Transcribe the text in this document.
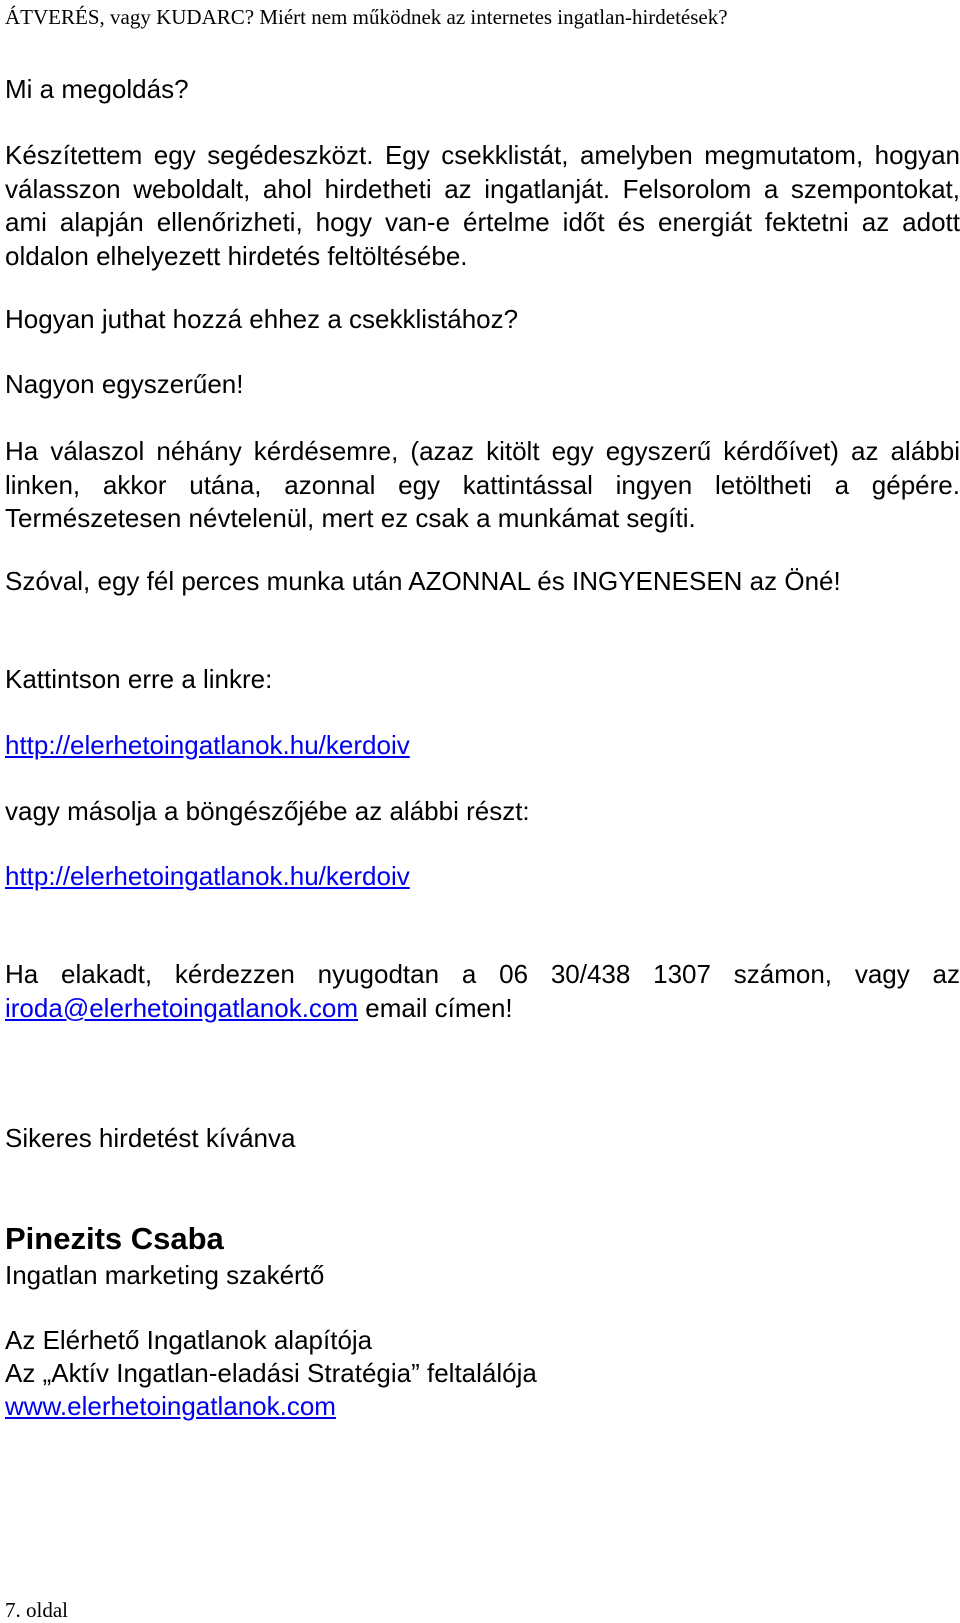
ÁTVERÉS, vagy KUDARC? Miért nem működnek az internetes ingatlan-hirdetések?
Mi a megoldás?
Készítettem egy segédeszközt. Egy csekklistát, amelyben megmutatom, hogyan válasszon weboldalt, ahol hirdetheti az ingatlanját. Felsorolom a szempontokat, ami alapján ellenőrizheti, hogy van-e értelme időt és energiát fektetni az adott oldalon elhelyezett hirdetés feltöltésébe.
Hogyan juthat hozzá ehhez a csekklistához?
Nagyon egyszerűen!
Ha válaszol néhány kérdésemre, (azaz kitölt egy egyszerű kérdőívet) az alábbi linken, akkor utána, azonnal egy kattintással ingyen letöltheti a gépére. Természetesen névtelenül, mert ez csak a munkámat segíti.
Szóval, egy fél perces munka után AZONNAL és INGYENESEN az Öné!
Kattintson erre a linkre:
http://elerhetoingatlanok.hu/kerdoiv
vagy másolja a böngészőjébe az alábbi részt:
http://elerhetoingatlanok.hu/kerdoiv
Ha elakadt, kérdezzen nyugodtan a 06 30/438 1307 számon, vagy az iroda@elerhetoingatlanok.com email címen!
Sikeres hirdetést kívánva
Pinezits Csaba
Ingatlan marketing szakértő
Az Elérhető Ingatlanok alapítója
Az „Aktív Ingatlan-eladási Stratégia” feltalálója
www.elerhetoingatlanok.com
7. oldal
